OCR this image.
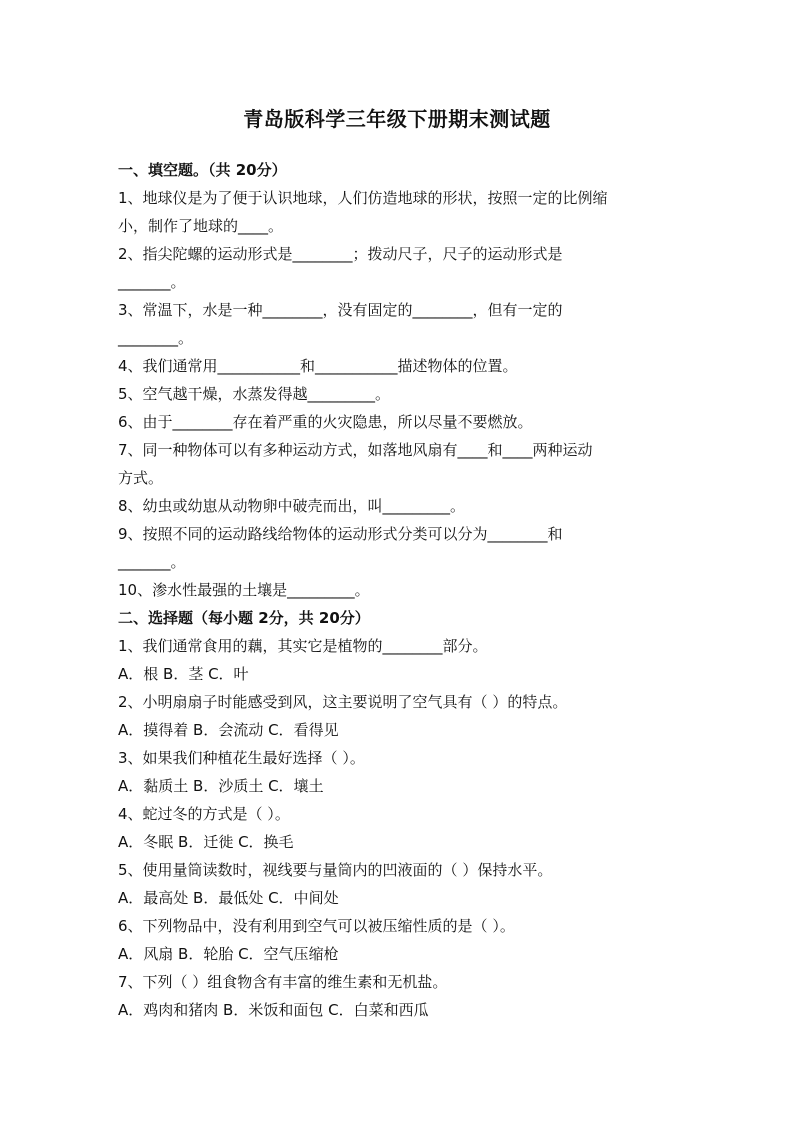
青岛版科学三年级下册期末测试题
一、填空题。（共 20分）
1、地球仪是为了便于认识地球，人们仿造地球的形状，按照一定的比例缩
小，制作了地球的____。
2、指尖陀螺的运动形式是________；拨动尺子，尺子的运动形式是
_______。
3、常温下，水是一种________，没有固定的________，但有一定的
________。
4、我们通常用___________和___________描述物体的位置。
5、空气越干燥，水蒸发得越_________。
6、由于________存在着严重的火灾隐患，所以尽量不要燃放。
7、同一种物体可以有多种运动方式，如落地风扇有____和____两种运动
方式。
8、幼虫或幼崽从动物卵中破壳而出，叫_________。
9、按照不同的运动路线给物体的运动形式分类可以分为________和
_______。
10、渗水性最强的土壤是_________。
二、选择题（每小题 2分，共 20分）
1、我们通常食用的藕，其实它是植物的________部分。
A．根 B．茎 C．叶
2、小明扇扇子时能感受到风，这主要说明了空气具有（ ）的特点。
A．摸得着 B．会流动 C．看得见
3、如果我们种植花生最好选择（ ）。
A．黏质土 B．沙质土 C．壤土
4、蛇过冬的方式是（ ）。
A．冬眠 B．迁徙 C．换毛
5、使用量筒读数时，视线要与量筒内的凹液面的（ ）保持水平。
A．最高处 B．最低处 C．中间处
6、下列物品中，没有利用到空气可以被压缩性质的是（ ）。
A．风扇 B．轮胎 C．空气压缩枪
7、下列（ ）组食物含有丰富的维生素和无机盐。
A．鸡肉和猪肉 B．米饭和面包 C．白菜和西瓜
